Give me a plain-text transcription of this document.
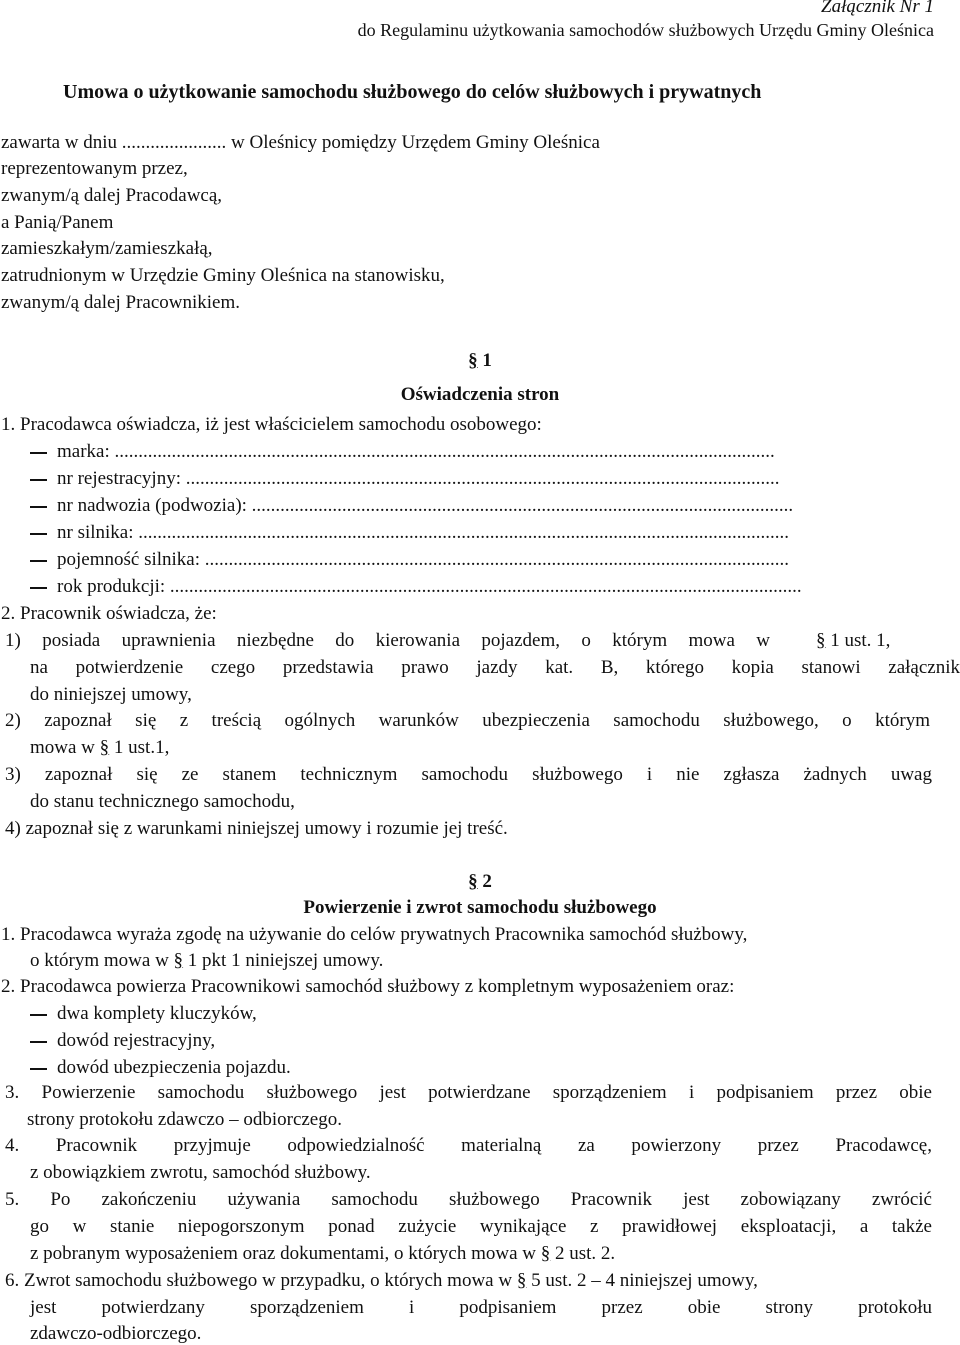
Załącznik Nr 1
do Regulaminu użytkowania samochodów służbowych Urzędu Gminy Oleśnica
Umowa o użytkowanie samochodu służbowego do celów służbowych i prywatnych
zawarta w dniu ...................... w Oleśnicy pomiędzy Urzędem Gminy Oleśnica
reprezentowanym przez,
zwanym/ą dalej Pracodawcą,
a Panią/Panem
zamieszkałym/zamieszkałą,
zatrudnionym w Urzędzie Gminy Oleśnica na stanowisku,
zwanym/ą dalej Pracownikiem.
§ 1
Oświadczenia stron
1. Pracodawca oświadcza, iż jest właścicielem samochodu osobowego:
marka: ...........................................................................................................................................
nr rejestracyjny: .............................................................................................................................
nr nadwozia (podwozia): ..................................................................................................................
nr silnika: .........................................................................................................................................
pojemność silnika: ...........................................................................................................................
rok produkcji: .....................................................................................................................................
2. Pracownik oświadcza, że:
1) posiada uprawnienia niezbędne do kierowania pojazdem, o którym mowa w § 1 ust. 1,
na potwierdzenie czego przedstawia prawo jazdy kat. B, którego kopia stanowi załącznik
do niniejszej umowy,
2) zapoznał się z treścią ogólnych warunków ubezpieczenia samochodu służbowego, o którym
mowa w § 1 ust.1,
3) zapoznał się ze stanem technicznym samochodu służbowego i nie zgłasza żadnych uwag
do stanu technicznego samochodu,
4) zapoznał się z warunkami niniejszej umowy i rozumie jej treść.
§ 2
Powierzenie i zwrot samochodu służbowego
1. Pracodawca wyraża zgodę na używanie do celów prywatnych Pracownika samochód służbowy,
o którym mowa w § 1 pkt 1 niniejszej umowy.
2. Pracodawca powierza Pracownikowi samochód służbowy z kompletnym wyposażeniem oraz:
dwa komplety kluczyków,
dowód rejestracyjny,
dowód ubezpieczenia pojazdu.
3. Powierzenie samochodu służbowego jest potwierdzane sporządzeniem i podpisaniem przez obie
strony protokołu zdawczo – odbiorczego.
4. Pracownik przyjmuje odpowiedzialność materialną za powierzony przez Pracodawcę,
z obowiązkiem zwrotu, samochód służbowy.
5. Po zakończeniu używania samochodu służbowego Pracownik jest zobowiązany zwrócić
go w stanie niepogorszonym ponad zużycie wynikające z prawidłowej eksploatacji, a także
z pobranym wyposażeniem oraz dokumentami, o których mowa w § 2 ust. 2.
6. Zwrot samochodu służbowego w przypadku, o których mowa w § 5 ust. 2 – 4 niniejszej umowy,
jest potwierdzany sporządzeniem i podpisaniem przez obie strony protokołu
zdawczo-odbiorczego.
